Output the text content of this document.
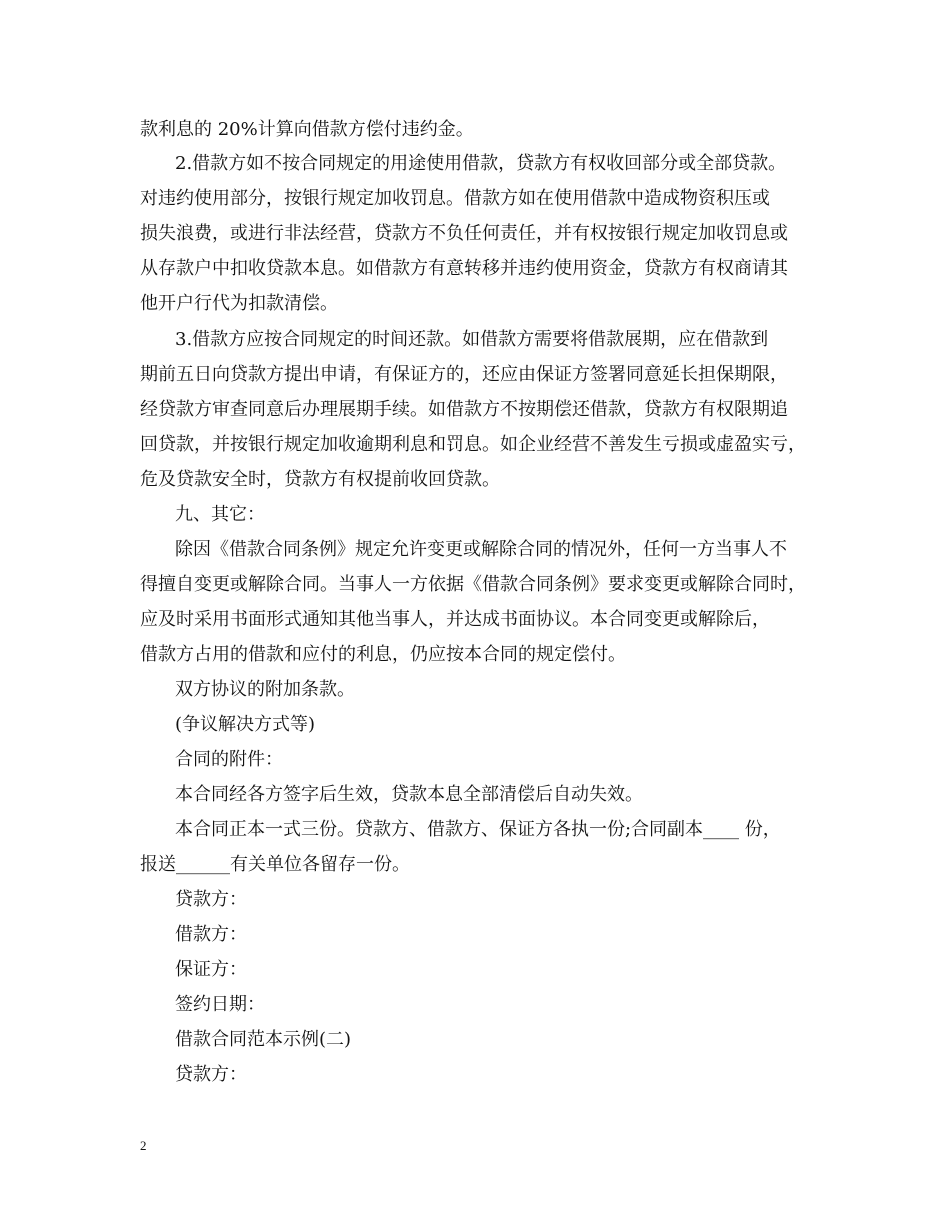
款利息的 20%计算向借款方偿付违约金。
2.借款方如不按合同规定的用途使用借款，贷款方有权收回部分或全部贷款。
对违约使用部分，按银行规定加收罚息。借款方如在使用借款中造成物资积压或
损失浪费，或进行非法经营，贷款方不负任何责任，并有权按银行规定加收罚息或
从存款户中扣收贷款本息。如借款方有意转移并违约使用资金，贷款方有权商请其
他开户行代为扣款清偿。
3.借款方应按合同规定的时间还款。如借款方需要将借款展期，应在借款到
期前五日向贷款方提出申请，有保证方的，还应由保证方签署同意延长担保期限，
经贷款方审查同意后办理展期手续。如借款方不按期偿还借款，贷款方有权限期追
回贷款，并按银行规定加收逾期利息和罚息。如企业经营不善发生亏损或虚盈实亏，
危及贷款安全时，贷款方有权提前收回贷款。
九、其它：
除因《借款合同条例》规定允许变更或解除合同的情况外，任何一方当事人不
得擅自变更或解除合同。当事人一方依据《借款合同条例》要求变更或解除合同时，
应及时采用书面形式通知其他当事人，并达成书面协议。本合同变更或解除后，
借款方占用的借款和应付的利息，仍应按本合同的规定偿付。
双方协议的附加条款。
(争议解决方式等)
合同的附件：
本合同经各方签字后生效，贷款本息全部清偿后自动失效。
本合同正本一式三份。贷款方、借款方、保证方各执一份;合同副本____ 份，
报送______有关单位各留存一份。
贷款方：
借款方：
保证方：
签约日期：
借款合同范本示例(二)
贷款方：
2
